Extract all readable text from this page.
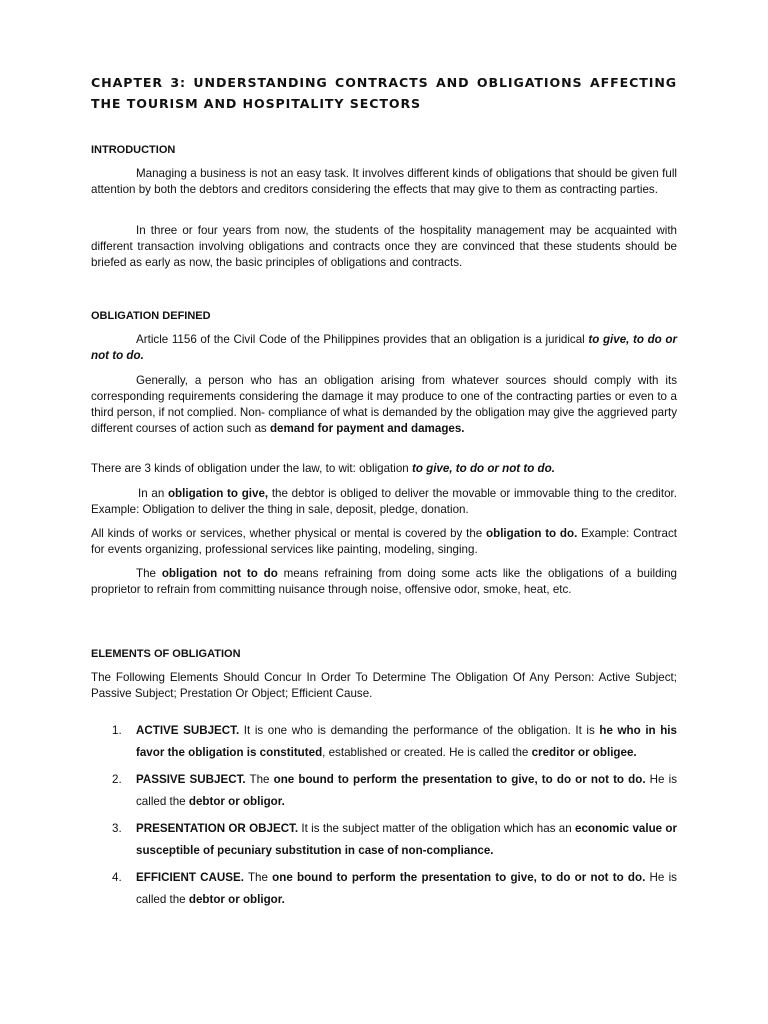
CHAPTER 3: UNDERSTANDING CONTRACTS AND OBLIGATIONS AFFECTING THE TOURISM AND HOSPITALITY SECTORS

INTRODUCTION

Managing a business is not an easy task. It involves different kinds of obligations that should be given full attention by both the debtors and creditors considering the effects that may give to them as contracting parties.

In three or four years from now, the students of the hospitality management may be acquainted with different transaction involving obligations and contracts once they are convinced that these students should be briefed as early as now, the basic principles of obligations and contracts.

OBLIGATION DEFINED

Article 1156 of the Civil Code of the Philippines provides that an obligation is a juridical to give, to do or not to do.

Generally, a person who has an obligation arising from whatever sources should comply with its corresponding requirements considering the damage it may produce to one of the contracting parties or even to a third person, if not complied. Non- compliance of what is demanded by the obligation may give the aggrieved party different courses of action such as demand for payment and damages.

There are 3 kinds of obligation under the law, to wit: obligation to give, to do or not to do.

In an obligation to give, the debtor is obliged to deliver the movable or immovable thing to the creditor. Example: Obligation to deliver the thing in sale, deposit, pledge, donation.

All kinds of works or services, whether physical or mental is covered by the obligation to do. Example: Contract for events organizing, professional services like painting, modeling, singing.

The obligation not to do means refraining from doing some acts like the obligations of a building proprietor to refrain from committing nuisance through noise, offensive odor, smoke, heat, etc.

ELEMENTS OF OBLIGATION

The Following Elements Should Concur In Order To Determine The Obligation Of Any Person: Active Subject; Passive Subject; Prestation Or Object; Efficient Cause.

1. ACTIVE SUBJECT. It is one who is demanding the performance of the obligation. It is he who in his favor the obligation is constituted, established or created. He is called the creditor or obligee.
2. PASSIVE SUBJECT. The one bound to perform the presentation to give, to do or not to do. He is called the debtor or obligor.
3. PRESENTATION OR OBJECT. It is the subject matter of the obligation which has an economic value or susceptible of pecuniary substitution in case of non-compliance.
4. EFFICIENT CAUSE. The one bound to perform the presentation to give, to do or not to do. He is called the debtor or obligor.
